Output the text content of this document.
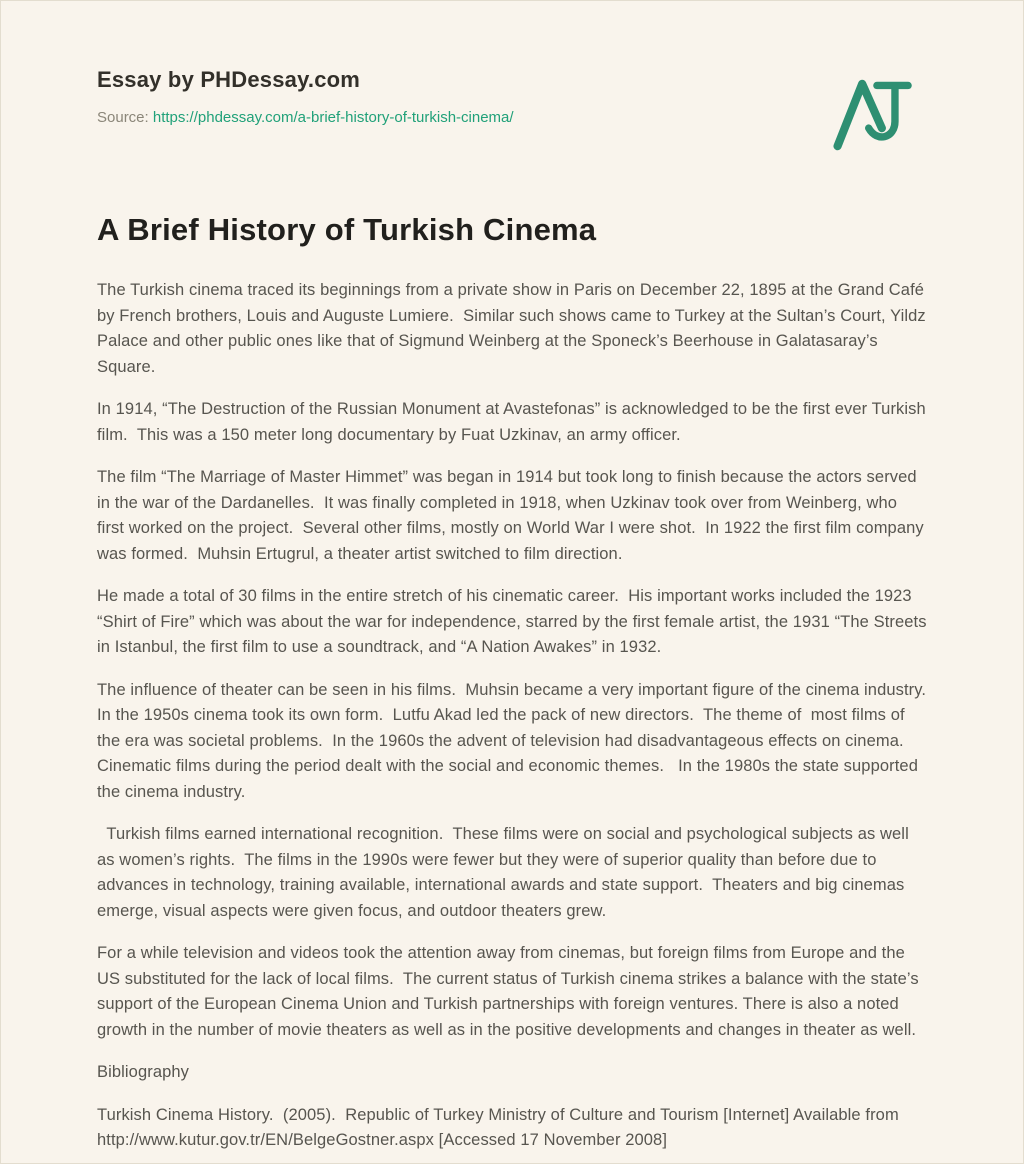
Essay by PHDessay.com
Source: https://phdessay.com/a-brief-history-of-turkish-cinema/
A Brief History of Turkish Cinema

The Turkish cinema traced its beginnings from a private show in Paris on December 22, 1895 at the Grand Café by French brothers, Louis and Auguste Lumiere.  Similar such shows came to Turkey at the Sultan’s Court, Yildz Palace and other public ones like that of Sigmund Weinberg at the Sponeck’s Beerhouse in Galatasaray’s Square.

In 1914, “The Destruction of the Russian Monument at Avastefonas” is acknowledged to be the first ever Turkish film.  This was a 150 meter long documentary by Fuat Uzkinav, an army officer.

The film “The Marriage of Master Himmet” was began in 1914 but took long to finish because the actors served in the war of the Dardanelles.  It was finally completed in 1918, when Uzkinav took over from Weinberg, who first worked on the project.  Several other films, mostly on World War I were shot.  In 1922 the first film company was formed.  Muhsin Ertugrul, a theater artist switched to film direction.

He made a total of 30 films in the entire stretch of his cinematic career.  His important works included the 1923 “Shirt of Fire” which was about the war for independence, starred by the first female artist, the 1931 “The Streets in Istanbul, the first film to use a soundtrack, and “A Nation Awakes” in 1932.

The influence of theater can be seen in his films.  Muhsin became a very important figure of the cinema industry.  In the 1950s cinema took its own form.  Lutfu Akad led the pack of new directors.  The theme of  most films of the era was societal problems.  In the 1960s the advent of television had disadvantageous effects on cinema.  Cinematic films during the period dealt with the social and economic themes.   In the 1980s the state supported the cinema industry.

Turkish films earned international recognition.  These films were on social and psychological subjects as well as women’s rights.  The films in the 1990s were fewer but they were of superior quality than before due to advances in technology, training available, international awards and state support.  Theaters and big cinemas emerge, visual aspects were given focus, and outdoor theaters grew.

For a while television and videos took the attention away from cinemas, but foreign films from Europe and the US substituted for the lack of local films.  The current status of Turkish cinema strikes a balance with the state’s support of the European Cinema Union and Turkish partnerships with foreign ventures. There is also a noted growth in the number of movie theaters as well as in the positive developments and changes in theater as well.

Bibliography

Turkish Cinema History.  (2005).  Republic of Turkey Ministry of Culture and Tourism [Internet] Available from http://www.kutur.gov.tr/EN/BelgeGostner.aspx [Accessed 17 November 2008]
